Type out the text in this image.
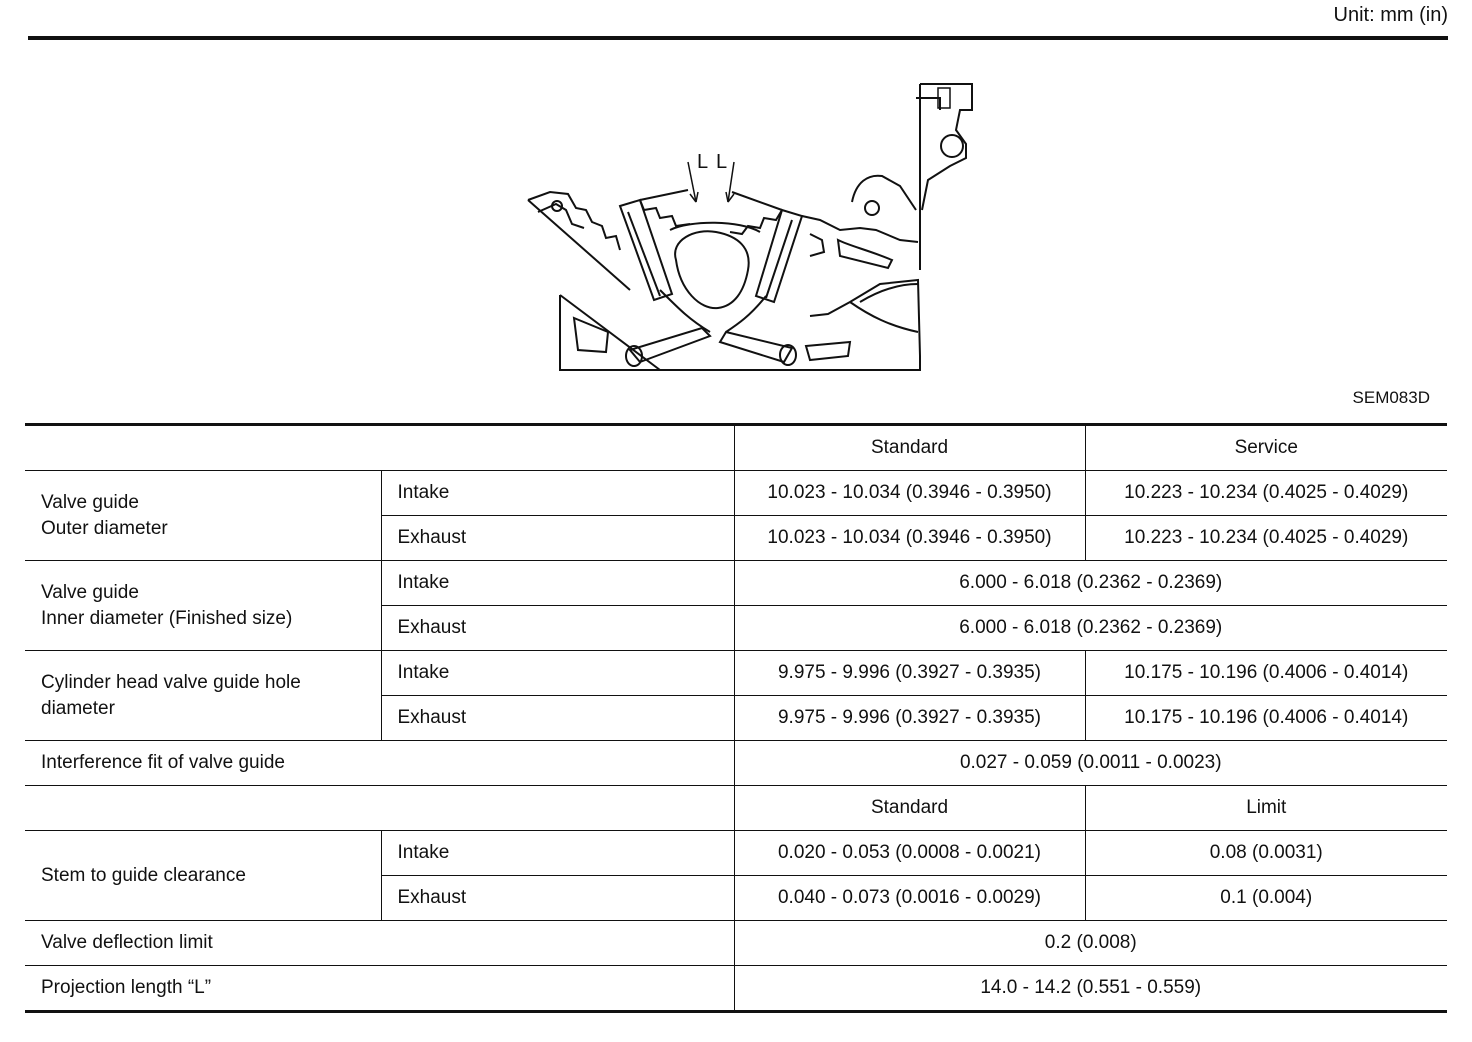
Unit: mm (in)
L L
SEM083D
		Standard	Service
Valve guide
Outer diameter	Intake	10.023 - 10.034 (0.3946 - 0.3950)	10.223 - 10.234 (0.4025 - 0.4029)
	Exhaust	10.023 - 10.034 (0.3946 - 0.3950)	10.223 - 10.234 (0.4025 - 0.4029)
Valve guide
Inner diameter (Finished size)	Intake	6.000 - 6.018 (0.2362 - 0.2369)	
	Exhaust	6.000 - 6.018 (0.2362 - 0.2369)	
Cylinder head valve guide hole
diameter	Intake	9.975 - 9.996 (0.3927 - 0.3935)	10.175 - 10.196 (0.4006 - 0.4014)
	Exhaust	9.975 - 9.996 (0.3927 - 0.3935)	10.175 - 10.196 (0.4006 - 0.4014)
Interference fit of valve guide		0.027 - 0.059 (0.0011 - 0.0023)	
		Standard	Limit
Stem to guide clearance	Intake	0.020 - 0.053 (0.0008 - 0.0021)	0.08 (0.0031)
	Exhaust	0.040 - 0.073 (0.0016 - 0.0029)	0.1 (0.004)
Valve deflection limit		0.2 (0.008)	
Projection length “L”		14.0 - 14.2 (0.551 - 0.559)	
